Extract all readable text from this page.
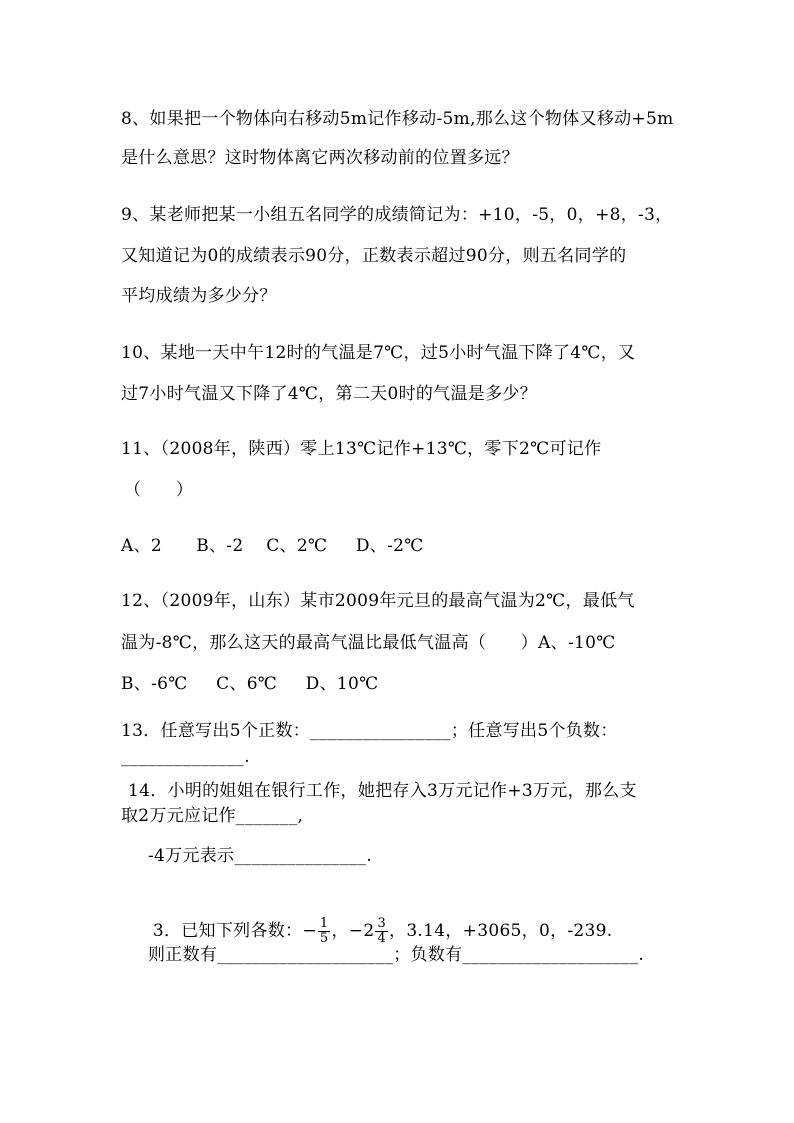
8、如果把一个物体向右移动5m记作移动-5m,那么这个物体又移动+5m
是什么意思？这时物体离它两次移动前的位置多远？
9、某老师把某一小组五名同学的成绩简记为：+10，-5，0，+8，-3，
又知道记为0的成绩表示90分，正数表示超过90分，则五名同学的
平均成绩为多少分？
10、某地一天中午12时的气温是7℃，过5小时气温下降了4℃，又
过7小时气温又下降了4℃，第二天0时的气温是多少？
11、（2008年，陕西）零上13℃记作+13℃，零下2℃可记作
（　　）
A、2      B、-2    C、2℃     D、-2℃
12、（2009年，山东）某市2009年元旦的最高气温为2℃，最低气
温为-8℃，那么这天的最高气温比最低气温高（　　）A、-10℃
B、-6℃     C、6℃     D、10℃
13．任意写出5个正数：________________；任意写出5个负数：
______________.
14．小明的姐姐在银行工作，她把存入3万元记作+3万元，那么支
取2万元应记作_______,
-4万元表示_______________.

3．已知下列各数：− $\frac{1}{5}$ ，$-2 \frac{3}{4}$ ，3.14，+3065，0，-239.

则正数有____________________；负数有____________________.
